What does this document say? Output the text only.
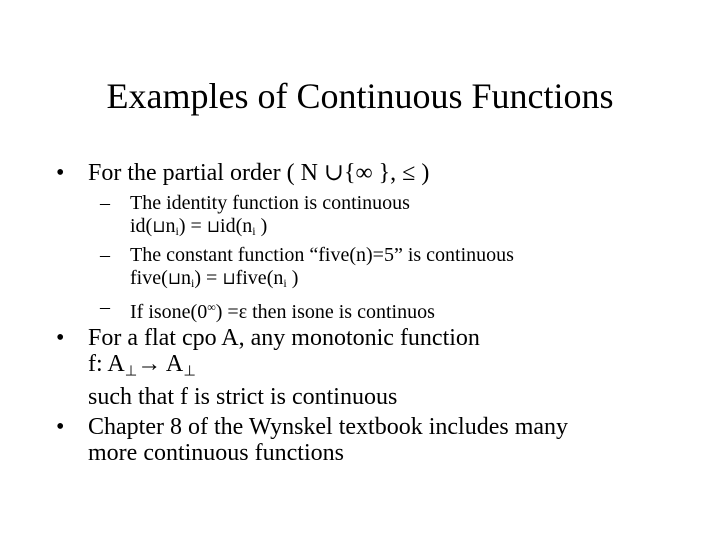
Examples of Continuous Functions
• For the partial order ( N ∪{∞ }, ≤ )
– The identity function is continuous
$id(⊔n_i)$ = $⊔id(n_i$ )
– The constant function “five(n)=5” is continuous
$five(⊔n_i)$ = $⊔five(n_i$ )
– If isone(0∞) =ε then isone is continuos
• For a flat cpo A, any monotonic function
f: A⊥→ A⊥
such that f is strict is continuous
• Chapter 8 of the Wynskel textbook includes many
more continuous functions
